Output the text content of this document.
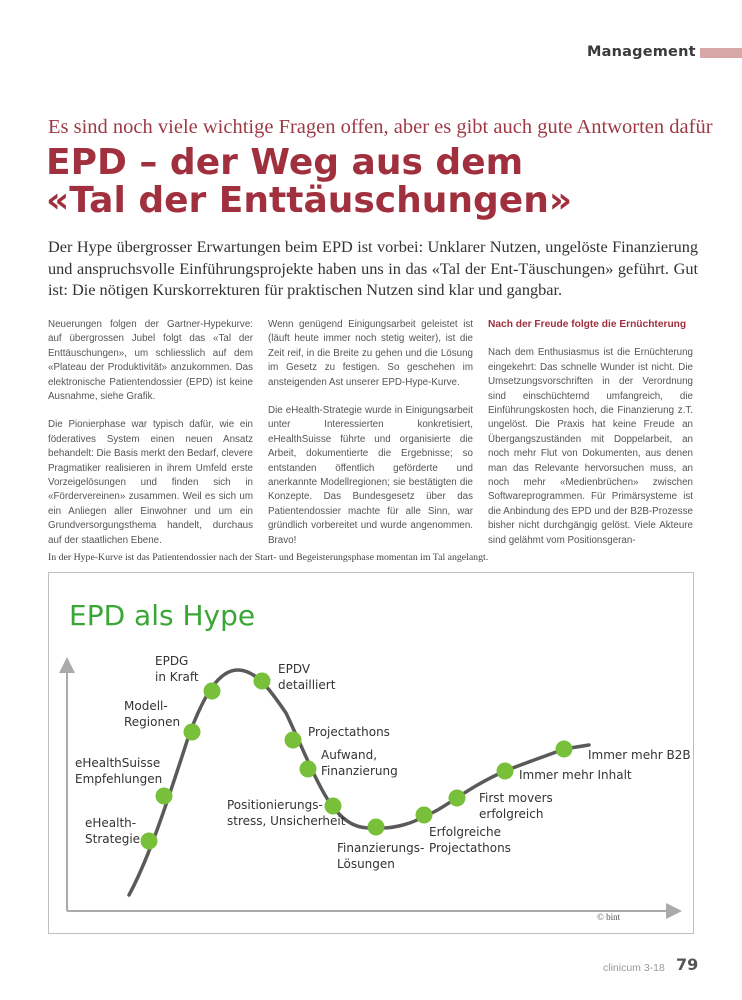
Management
Es sind noch viele wichtige Fragen offen, aber es gibt auch gute Antworten dafür
EPD – der Weg aus dem
«Tal der Enttäuschungen»
Der Hype übergrosser Erwartungen beim EPD ist vorbei: Unklarer Nutzen, ungelöste Finanzierung und anspruchsvolle Einführungsprojekte haben uns in das «Tal der Ent-Täuschungen» geführt. Gut ist: Die nötigen Kurskorrekturen für praktischen Nutzen sind klar und gangbar.

Neuerungen folgen der Gartner-Hypekurve: auf übergrossen Jubel folgt das «Tal der Enttäuschungen», um schliesslich auf dem «Plateau der Produktivität» anzukommen. Das elektronische Patientendossier (EPD) ist keine Ausnahme, siehe Grafik.

Die Pionierphase war typisch dafür, wie ein föderatives System einen neuen Ansatz behandelt: Die Basis merkt den Bedarf, clevere Pragmatiker realisieren in ihrem Umfeld erste Vorzeigelösungen und finden sich in «Fördervereinen» zusammen. Weil es sich um ein Anliegen aller Einwohner und um ein Grundversorgungsthema handelt, durchaus auf der staatlichen Ebene.

Wenn genügend Einigungsarbeit geleistet ist (läuft heute immer noch stetig weiter), ist die Zeit reif, in die Breite zu gehen und die Lösung im Gesetz zu festigen. So geschehen im ansteigenden Ast unserer EPD-Hype-Kurve.

Die eHealth-Strategie wurde in Einigungsarbeit unter Interessierten konkretisiert, eHealthSuisse führte und organisierte die Arbeit, dokumentierte die Ergebnisse; so entstanden öffentlich geförderte und anerkannte Modellregionen; sie bestätigten die Konzepte. Das Bundesgesetz über das Patientendossier machte für alle Sinn, war gründlich vorbereitet und wurde angenommen. Bravo!

Nach der Freude folgte die Ernüchterung

Nach dem Enthusiasmus ist die Ernüchterung eingekehrt: Das schnelle Wunder ist nicht. Die Umsetzungsvorschriften in der Verordnung sind einschüchternd umfangreich, die Einführungskosten hoch, die Finanzierung z.T. ungelöst. Die Praxis hat keine Freude an Übergangszuständen mit Doppelarbeit, an noch mehr Flut von Dokumenten, aus denen man das Relevante hervorsuchen muss, an noch mehr «Medienbrüchen» zwischen Softwareprogrammen. Für Primärsysteme ist die Anbindung des EPD und der B2B-Prozesse bisher nicht durchgängig gelöst. Viele Akteure sind gelähmt vom Positionsgeran-

In der Hype-Kurve ist das Patientendossier nach der Start- und Begeisterungsphase momentan im Tal angelangt.
EPD als Hype
© bint
eHealth-Strategie
eHealthSuisse Empfehlungen
Modell-Regionen
EPDG in Kraft
EPDV detailliert
Projectathons
Aufwand, Finanzierung
Positionierungs-stress, Unsicherheit
Finanzierungs-Lösungen
Erfolgreiche Projectathons
First movers erfolgreich
Immer mehr Inhalt
Immer mehr B2B
clinicum 3-18 79
